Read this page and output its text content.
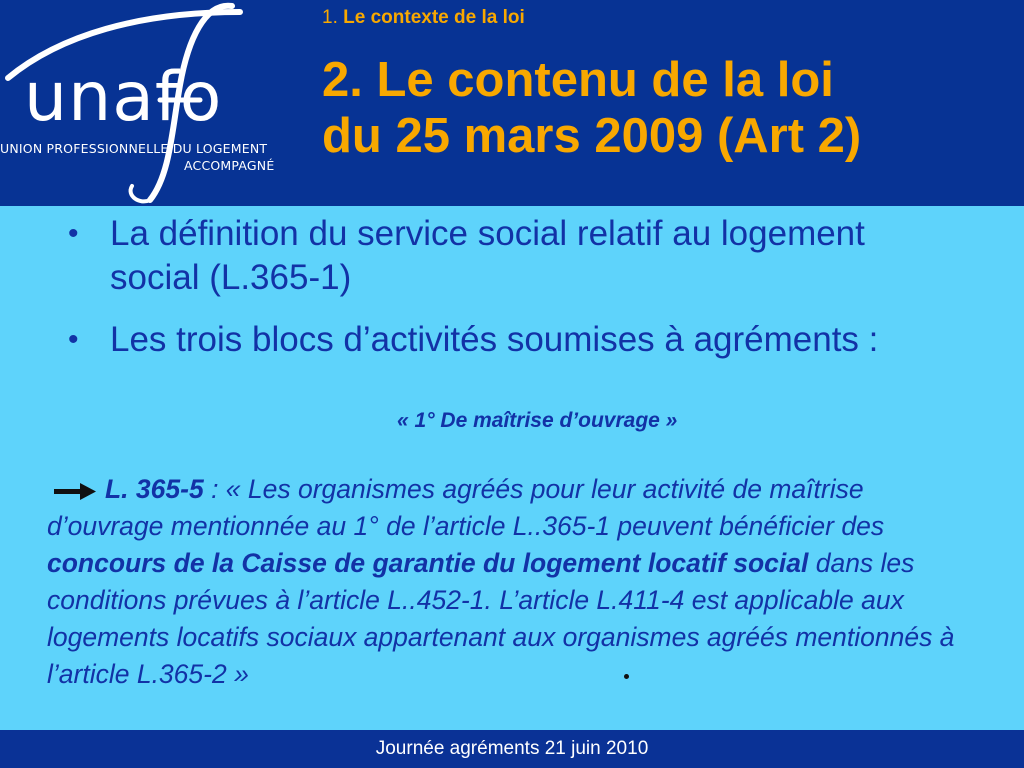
unafo
UNION PROFESSIONNELLE DU LOGEMENT
ACCOMPAGNÉ
1. Le contexte de la loi
2. Le contenu de la loi
du 25 mars 2009 (Art 2)
• La définition du service social relatif au logement social (L.365-1)
• Les trois blocs d’activités soumises à agréments :
« 1° De maîtrise d’ouvrage »

L. 365-5 : « Les organismes agréés pour leur activité de maîtrise d’ouvrage mentionnée au 1° de l’article L..365-1 peuvent bénéficier des concours de la Caisse de garantie du logement locatif social dans les conditions prévues à l’article L..452-1. L’article L.411-4 est applicable aux logements locatifs sociaux appartenant aux organismes agréés mentionnés à l’article L.365-2 »

Journée agréments 21 juin 2010
